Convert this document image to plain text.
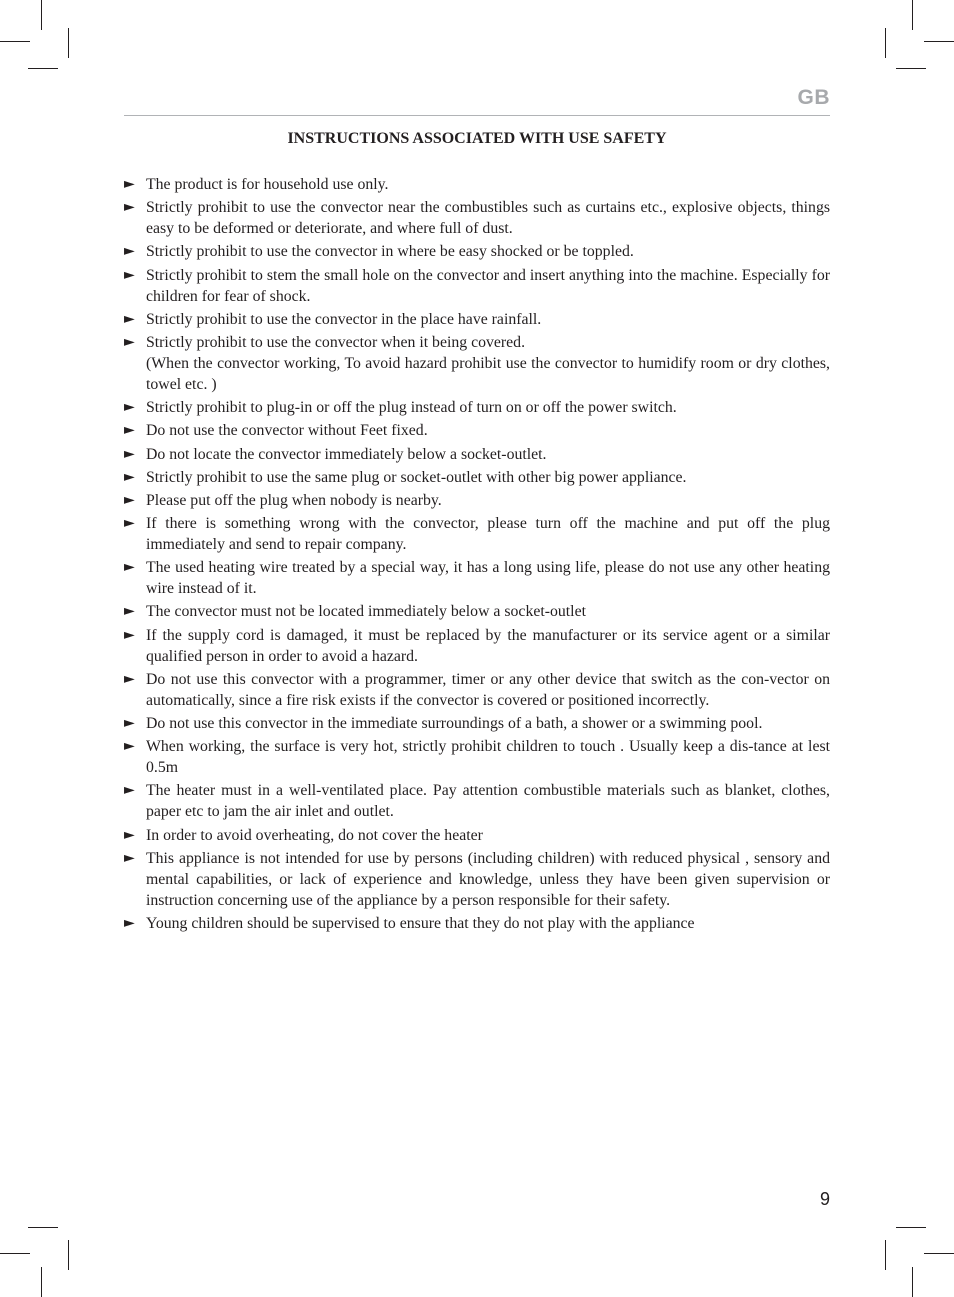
GB
INSTRUCTIONS ASSOCIATED WITH USE SAFETY
► The product is for household use only.
► Strictly prohibit to use the convector near the combustibles such as curtains etc., explosive objects, things easy to be deformed or deteriorate, and where full of dust.
► Strictly prohibit to use the convector in where be easy shocked or be toppled.
► Strictly prohibit to stem the small hole on the convector and insert anything into the machine. Especially for children for fear of shock.
► Strictly prohibit to use the convector in the place have rainfall.
► Strictly prohibit to use the convector when it being covered.
(When the convector working, To avoid hazard prohibit use the convector to humidify room or dry clothes, towel etc. )
► Strictly prohibit to plug-in or off the plug instead of turn on or off the power switch.
► Do not use the convector without Feet fixed.
► Do not locate the convector immediately below a socket-outlet.
► Strictly prohibit to use the same plug or socket-outlet with other big power appliance.
► Please put off the plug when nobody is nearby.
► If there is something wrong with the convector, please turn off the machine and put off the plug immediately and send to repair company.
► The used heating wire treated by a special way, it has a long using life, please do not use any other heating wire instead of it.
► The convector must not be located immediately below a socket-outlet
► If the supply cord is damaged, it must be replaced by the manufacturer or its service agent or a similar qualified person in order to avoid a hazard.
► Do not use this convector with a programmer, timer or any other device that switch as the con-vector on automatically, since a fire risk exists if the convector is covered or positioned incorrectly.
► Do not use this convector in the immediate surroundings of a bath, a shower or a swimming pool.
► When working, the surface is very hot, strictly prohibit children to touch . Usually keep a dis-tance at lest 0.5m
► The heater must in a well-ventilated place. Pay attention combustible materials such as blanket, clothes, paper etc to jam the air inlet and outlet.
► In order to avoid overheating, do not cover the heater
► This appliance is not intended for use by persons (including children) with reduced physical , sensory and mental capabilities, or lack of experience and knowledge, unless they have been given supervision or instruction concerning use of the appliance by a person responsible for their safety.
► Young children should be supervised to ensure that they do not play with the appliance
9
